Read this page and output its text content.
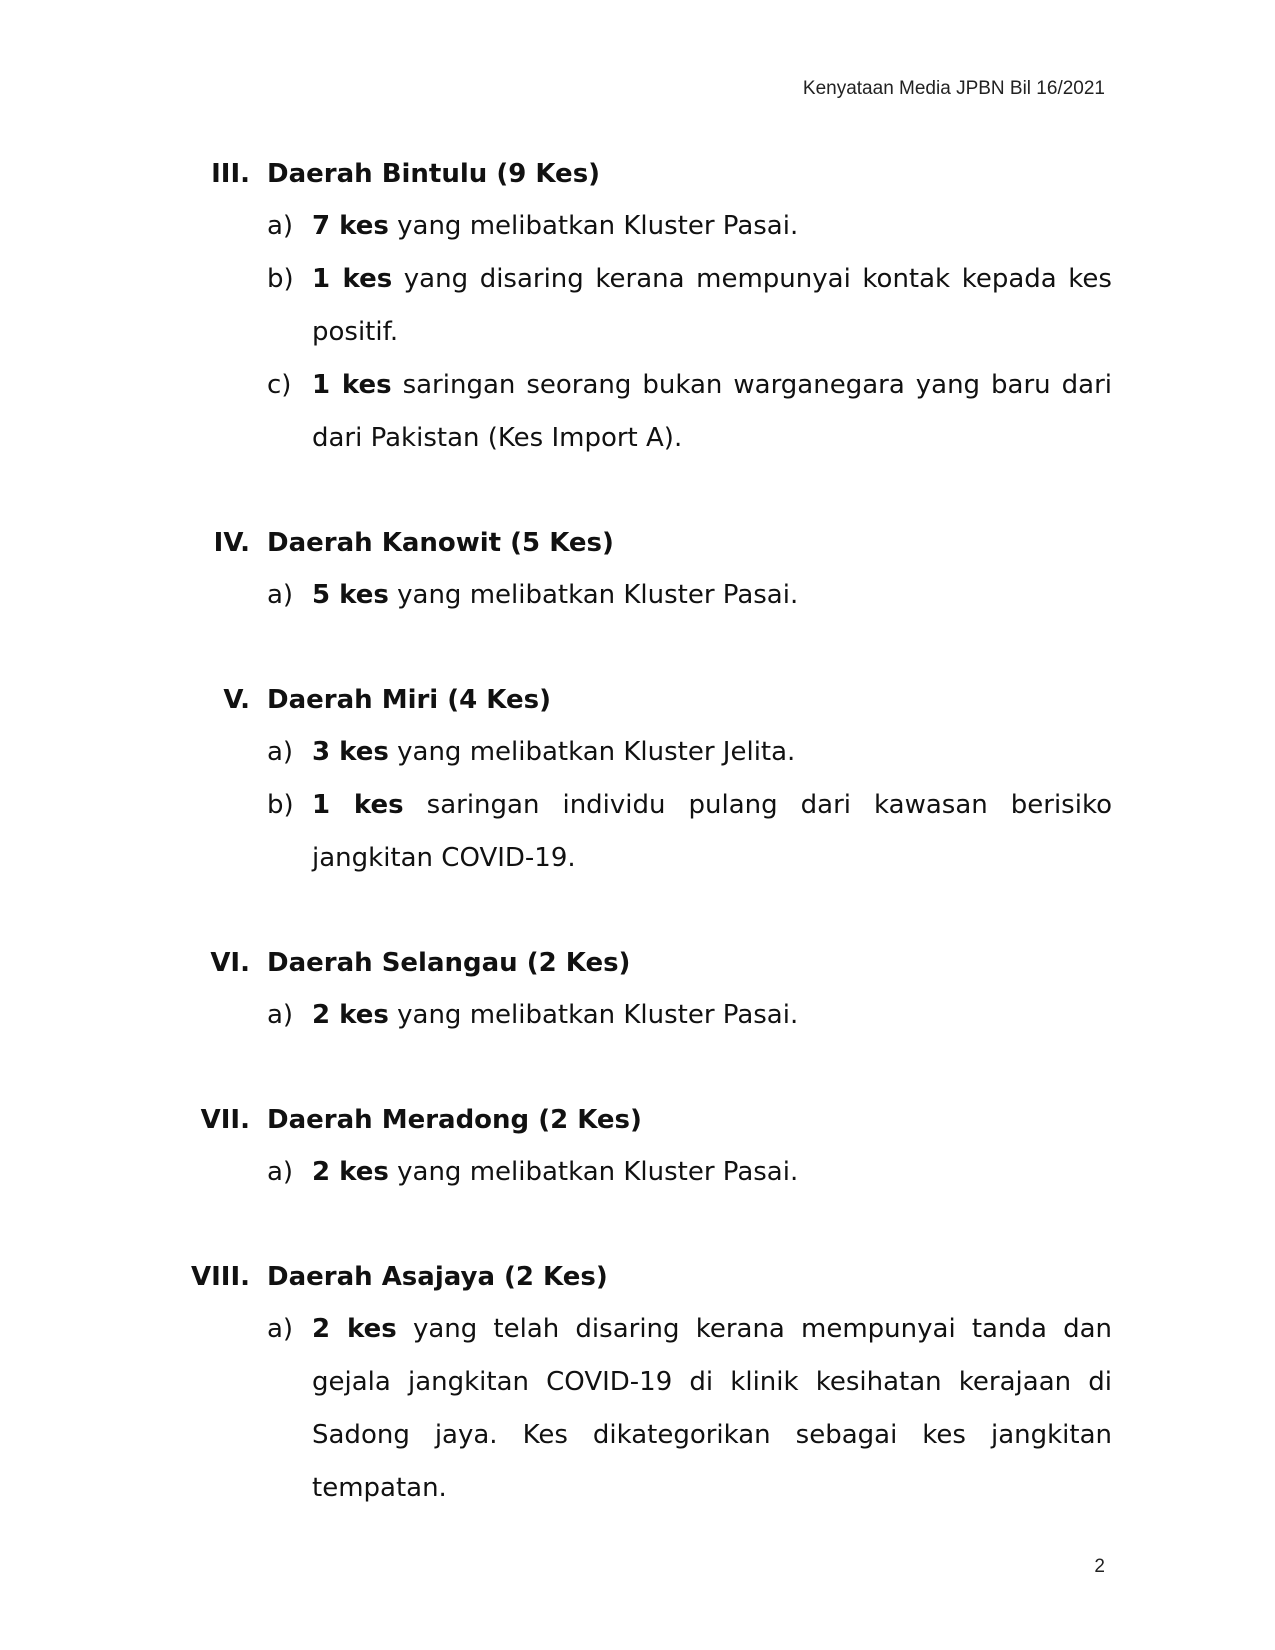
Kenyataan Media JPBN Bil 16/2021
III. Daerah Bintulu (9 Kes)
a) 7 kes yang melibatkan Kluster Pasai.
b) 1 kes yang disaring kerana mempunyai kontak kepada kes positif.
c) 1 kes saringan seorang bukan warganegara yang baru dari dari Pakistan (Kes Import A).
IV. Daerah Kanowit (5 Kes)
a) 5 kes yang melibatkan Kluster Pasai.
V. Daerah Miri (4 Kes)
a) 3 kes yang melibatkan Kluster Jelita.
b) 1 kes saringan individu pulang dari kawasan berisiko jangkitan COVID-19.
VI. Daerah Selangau (2 Kes)
a) 2 kes yang melibatkan Kluster Pasai.
VII. Daerah Meradong (2 Kes)
a) 2 kes yang melibatkan Kluster Pasai.
VIII. Daerah Asajaya (2 Kes)
a) 2 kes yang telah disaring kerana mempunyai tanda dan gejala jangkitan COVID-19 di klinik kesihatan kerajaan di Sadong jaya. Kes dikategorikan sebagai kes jangkitan tempatan.
2
